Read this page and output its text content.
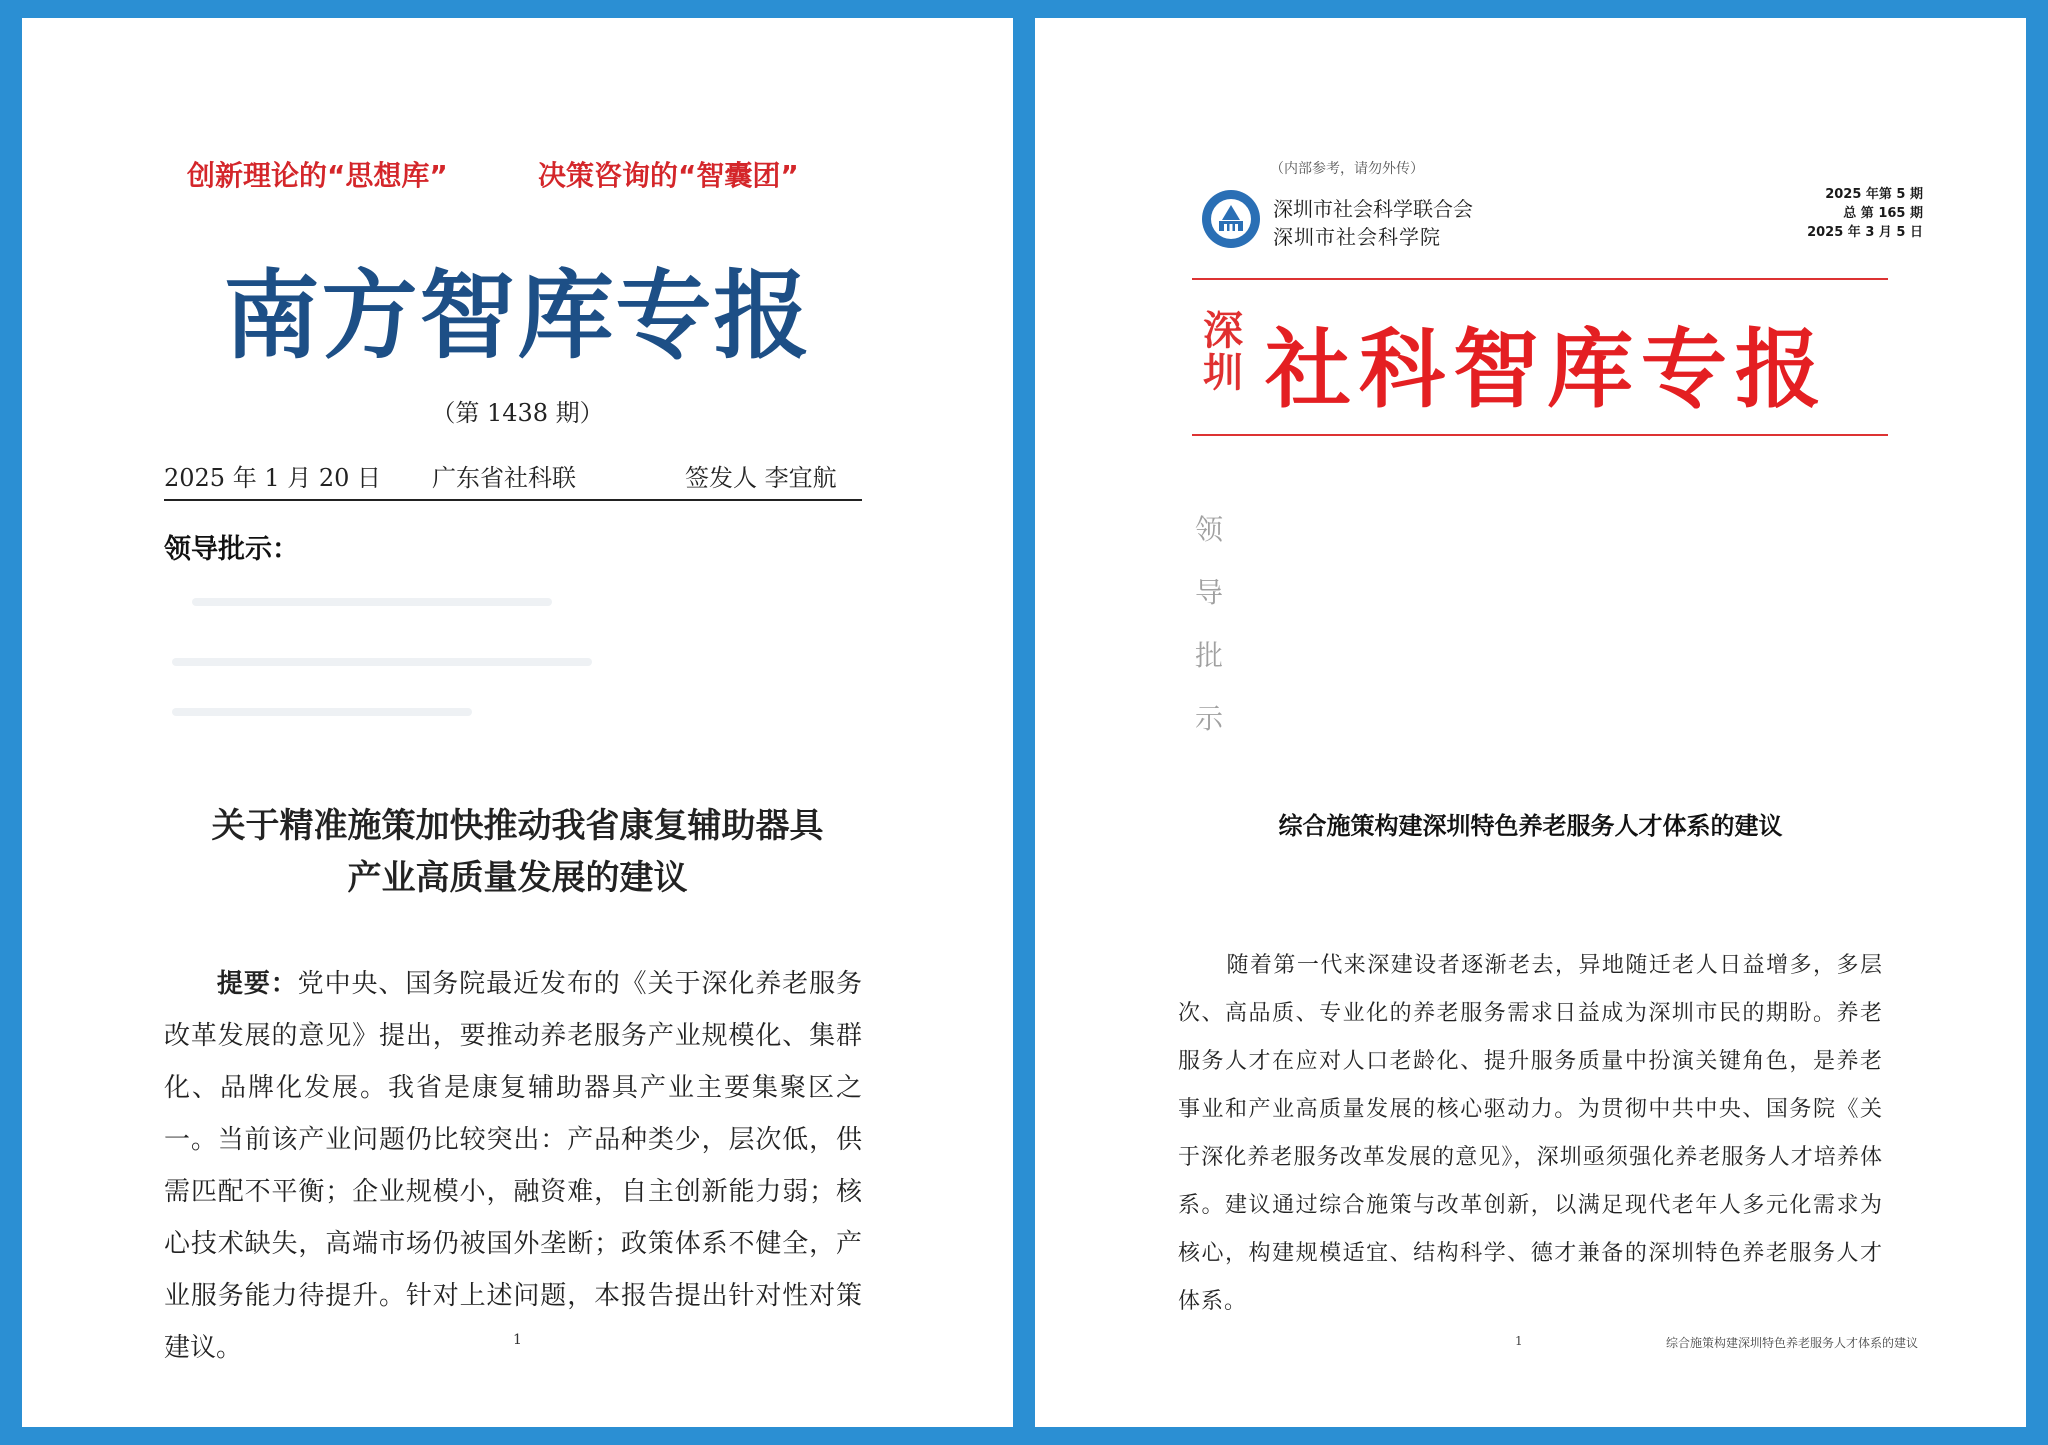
创新理论的“思想库”	决策咨询的“智囊团”
南方智库专报
（第 1438 期）
2025 年 1 月 20 日 广东省社科联	签发人 李宜航
领导批示：
关于精准施策加快推动我省康复辅助器具
产业高质量发展的建议
提要：党中央、国务院最近发布的《关于深化养老服务改革发展的意见》提出，要推动养老服务产业规模化、集群化、品牌化发展。我省是康复辅助器具产业主要集聚区之一。当前该产业问题仍比较突出：产品种类少，层次低，供需匹配不平衡；企业规模小，融资难，自主创新能力弱；核心技术缺失，高端市场仍被国外垄断；政策体系不健全，产业服务能力待提升。针对上述问题，本报告提出针对性对策建议。	1
（内部参考，请勿外传）
深圳市社会科学联合会
深圳市社会科学院
2025 年第 5 期
总 第 165 期
2025 年 3 月 5 日
深圳 社科智库专报
领导批示
综合施策构建深圳特色养老服务人才体系的建议
随着第一代来深建设者逐渐老去，异地随迁老人日益增多，多层次、高品质、专业化的养老服务需求日益成为深圳市民的期盼。养老服务人才在应对人口老龄化、提升服务质量中扮演关键角色，是养老事业和产业高质量发展的核心驱动力。为贯彻中共中央、国务院《关于深化养老服务改革发展的意见》，深圳亟须强化养老服务人才培养体系。建议通过综合施策与改革创新，以满足现代老年人多元化需求为核心，构建规模适宜、结构科学、德才兼备的深圳特色养老服务人才体系。
1	综合施策构建深圳特色养老服务人才体系的建议
